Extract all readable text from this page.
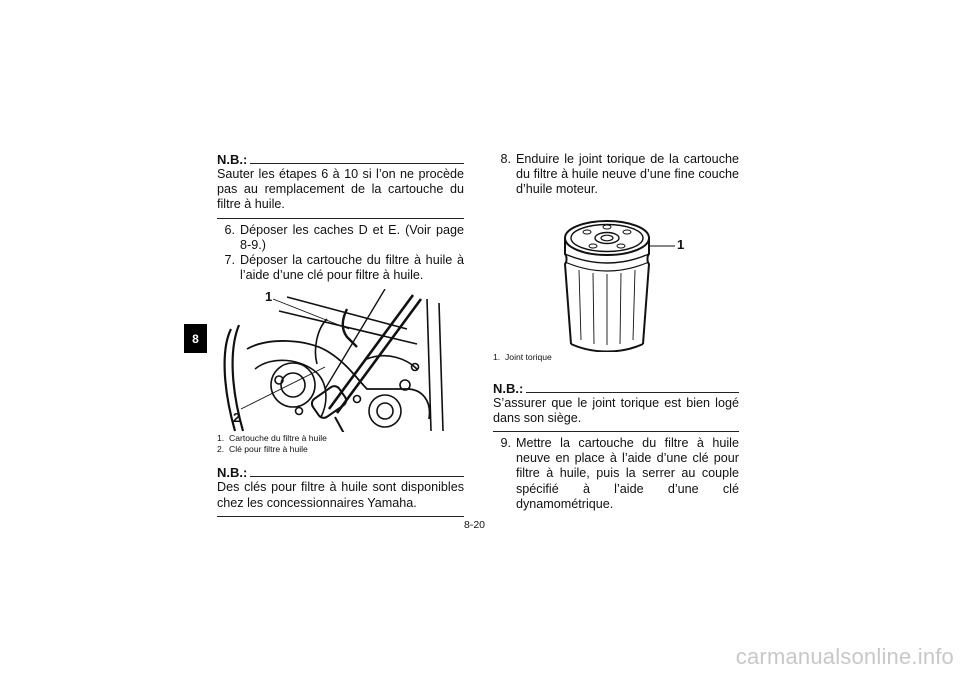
8
N.B.:
Sauter les étapes 6 à 10 si l’on ne procède pas au remplacement de la cartouche du filtre à huile.
6. Déposer les caches D et E. (Voir page 8-9.)
7. Déposer la cartouche du filtre à huile à l’aide d’une clé pour filtre à huile.
1
2
1. Cartouche du filtre à huile
2. Clé pour filtre à huile
N.B.:
Des clés pour filtre à huile sont disponibles chez les concessionnaires Yamaha.
8. Enduire le joint torique de la cartouche du filtre à huile neuve d’une fine couche d’huile moteur.
1
1. Joint torique
N.B.:
S’assurer que le joint torique est bien logé dans son siège.
9. Mettre la cartouche du filtre à huile neuve en place à l’aide d’une clé pour filtre à huile, puis la serrer au couple spécifié à l’aide d’une clé dynamométrique.
8-20
carmanualsonline.info
